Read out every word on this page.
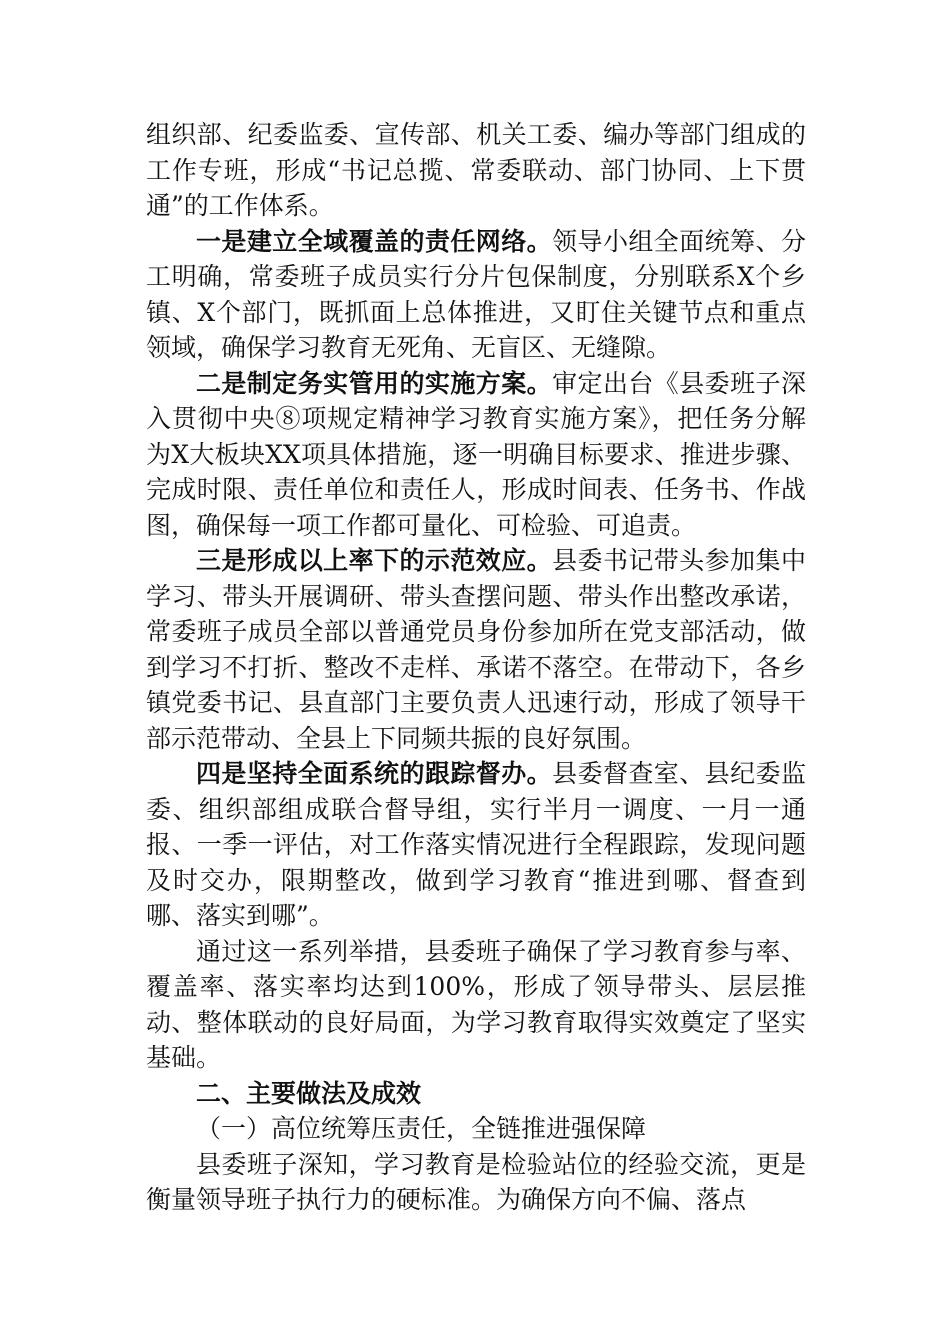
组织部、纪委监委、宣传部、机关工委、编办等部门组成的工作专班，形成“书记总揽、常委联动、部门协同、上下贯通”的工作体系。

一是建立全域覆盖的责任网络。领导小组全面统筹、分工明确，常委班子成员实行分片包保制度，分别联系X个乡镇、X个部门，既抓面上总体推进，又盯住关键节点和重点领域，确保学习教育无死角、无盲区、无缝隙。

二是制定务实管用的实施方案。审定出台《县委班子深入贯彻中央⑧项规定精神学习教育实施方案》，把任务分解为X大板块XX项具体措施，逐一明确目标要求、推进步骤、完成时限、责任单位和责任人，形成时间表、任务书、作战图，确保每一项工作都可量化、可检验、可追责。

三是形成以上率下的示范效应。县委书记带头参加集中学习、带头开展调研、带头查摆问题、带头作出整改承诺，常委班子成员全部以普通党员身份参加所在党支部活动，做到学习不打折、整改不走样、承诺不落空。在带动下，各乡镇党委书记、县直部门主要负责人迅速行动，形成了领导干部示范带动、全县上下同频共振的良好氛围。

四是坚持全面系统的跟踪督办。县委督查室、县纪委监委、组织部组成联合督导组，实行半月一调度、一月一通报、一季一评估，对工作落实情况进行全程跟踪，发现问题及时交办，限期整改，做到学习教育“推进到哪、督查到哪、落实到哪”。

通过这一系列举措，县委班子确保了学习教育参与率、覆盖率、落实率均达到100%，形成了领导带头、层层推动、整体联动的良好局面，为学习教育取得实效奠定了坚实基础。

二、主要做法及成效

（一）高位统筹压责任，全链推进强保障

县委班子深知，学习教育是检验站位的经验交流，更是衡量领导班子执行力的硬标准。为确保方向不偏、落点
